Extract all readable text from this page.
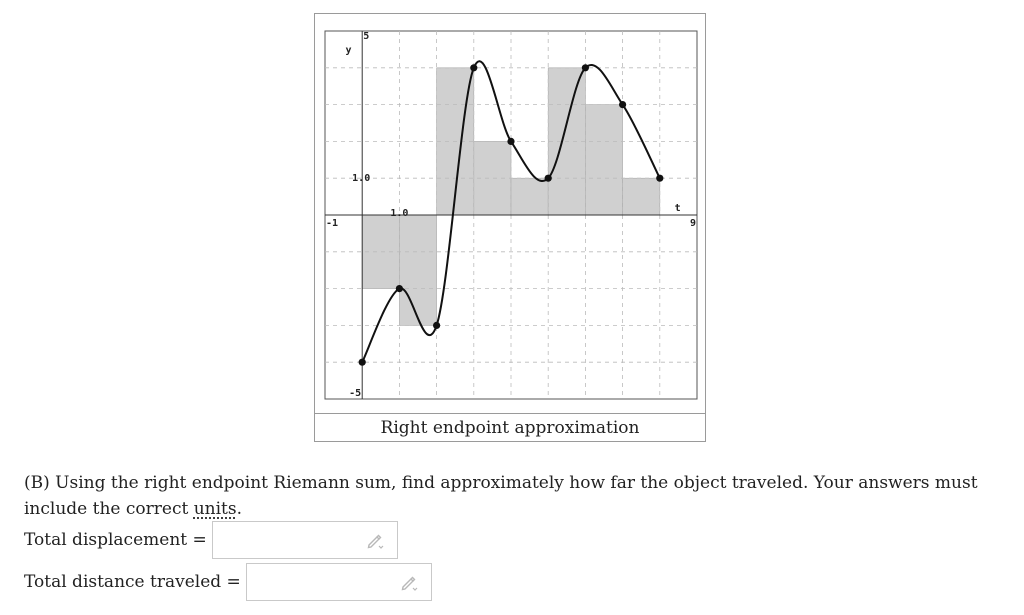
t
y
-1
1.0
9
5
1.0
-5
Right endpoint approximation
(B) Using the right endpoint Riemann sum, find approximately how far the object traveled. Your answers must include the correct units.
Total displacement =
Total distance traveled =
